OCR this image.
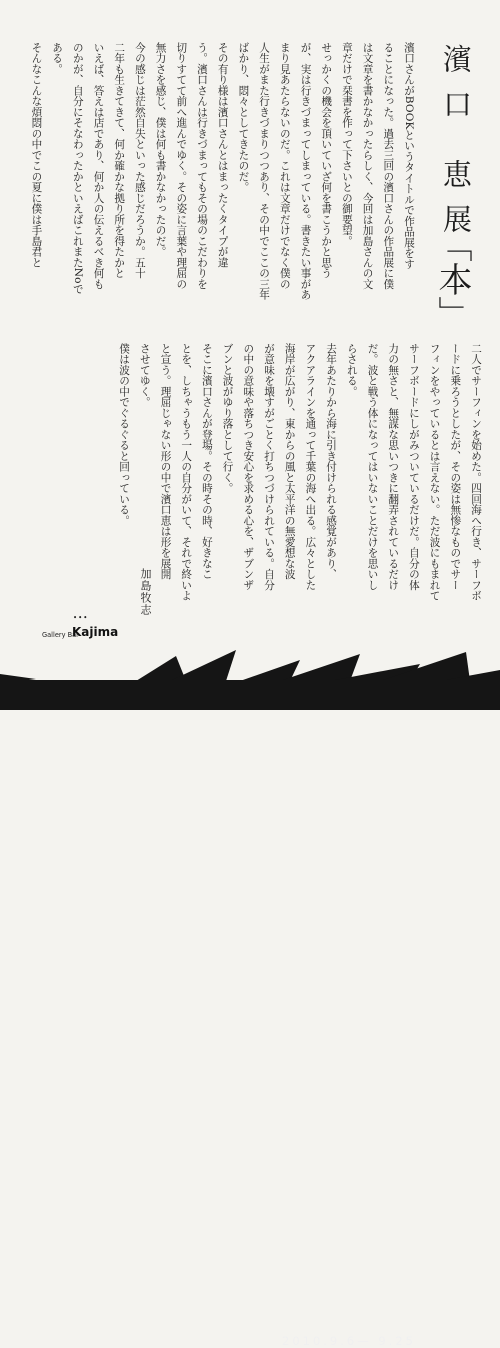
濱口 恵展
「本」
濱口さんがBOOKというタイトルで作品展をす
ることになった。過去三回の濱口さんの作品展に僕
は文章を書かなかったらしく、今回は加島さんの文
章だけで栞書を作って下さいとの御要望。
せっかくの機会を頂いていざ何を書こうかと思う
が、実は行きづまってしまっている。書きたい事があ
まり見あたらないのだ。これは文章だけでなく僕の
人生がまた行きづまりつつあり、その中でここの三年
ばかり、悶々としてきたのだ。
その有り様は濱口さんとはまったくタイプが違
う。濱口さんは行きづまってもその場のこだわりを
切りすてて前へ進んでゆく。その姿に言葉や理屈の
無力さを感じ、僕は何も書かなかったのだ。
今の感じは茫然自失といった感じだろうか。五十
二年も生きてきて、何か確かな拠り所を得たかと
いえば、答えは店であり、何か人の伝えるべき何も
のかが、自分にそなわったかといえばこれまたNoで
ある。
そんなこんな煩悶の中でこの夏に僕は手島君と
二人でサーフィンを始めた。四回海へ行き、サーフボ
ードに乗ろうとしたが、その姿は無惨なものでサー
フィンをやっているとは言えない。ただ波にもまれて
サーフボードにしがみついているだけだ。自分の体
力の無さと、無謀な思いつきに翻弄されているだけ
だ。波と戦う体になってはいないことだけを思いし
らされる。
去年あたりから海に引き付けられる感覚があり、
アクアラインを通って千葉の海へ出る。広々とした
海岸が広がり、東からの風と太平洋の無愛想な波
が意味を壊すがごとく打ちつづけられている。自分
の中の意味や落ちつき安心を求める心を、ザブンザ
ブンと波がゆり落として行く。
そこに濱口さんが登場。その時その時、好きなこ
とを、しちゃうもう一人の自分がいて、それで終いよ
と宣う。理屈じゃない形の中で濱口恵は形を展開
させてゆく。
僕は波の中でぐるぐると回っている。
加島牧志
•••
Gallery Bar
Kajima
2010.9.6— 9.25
